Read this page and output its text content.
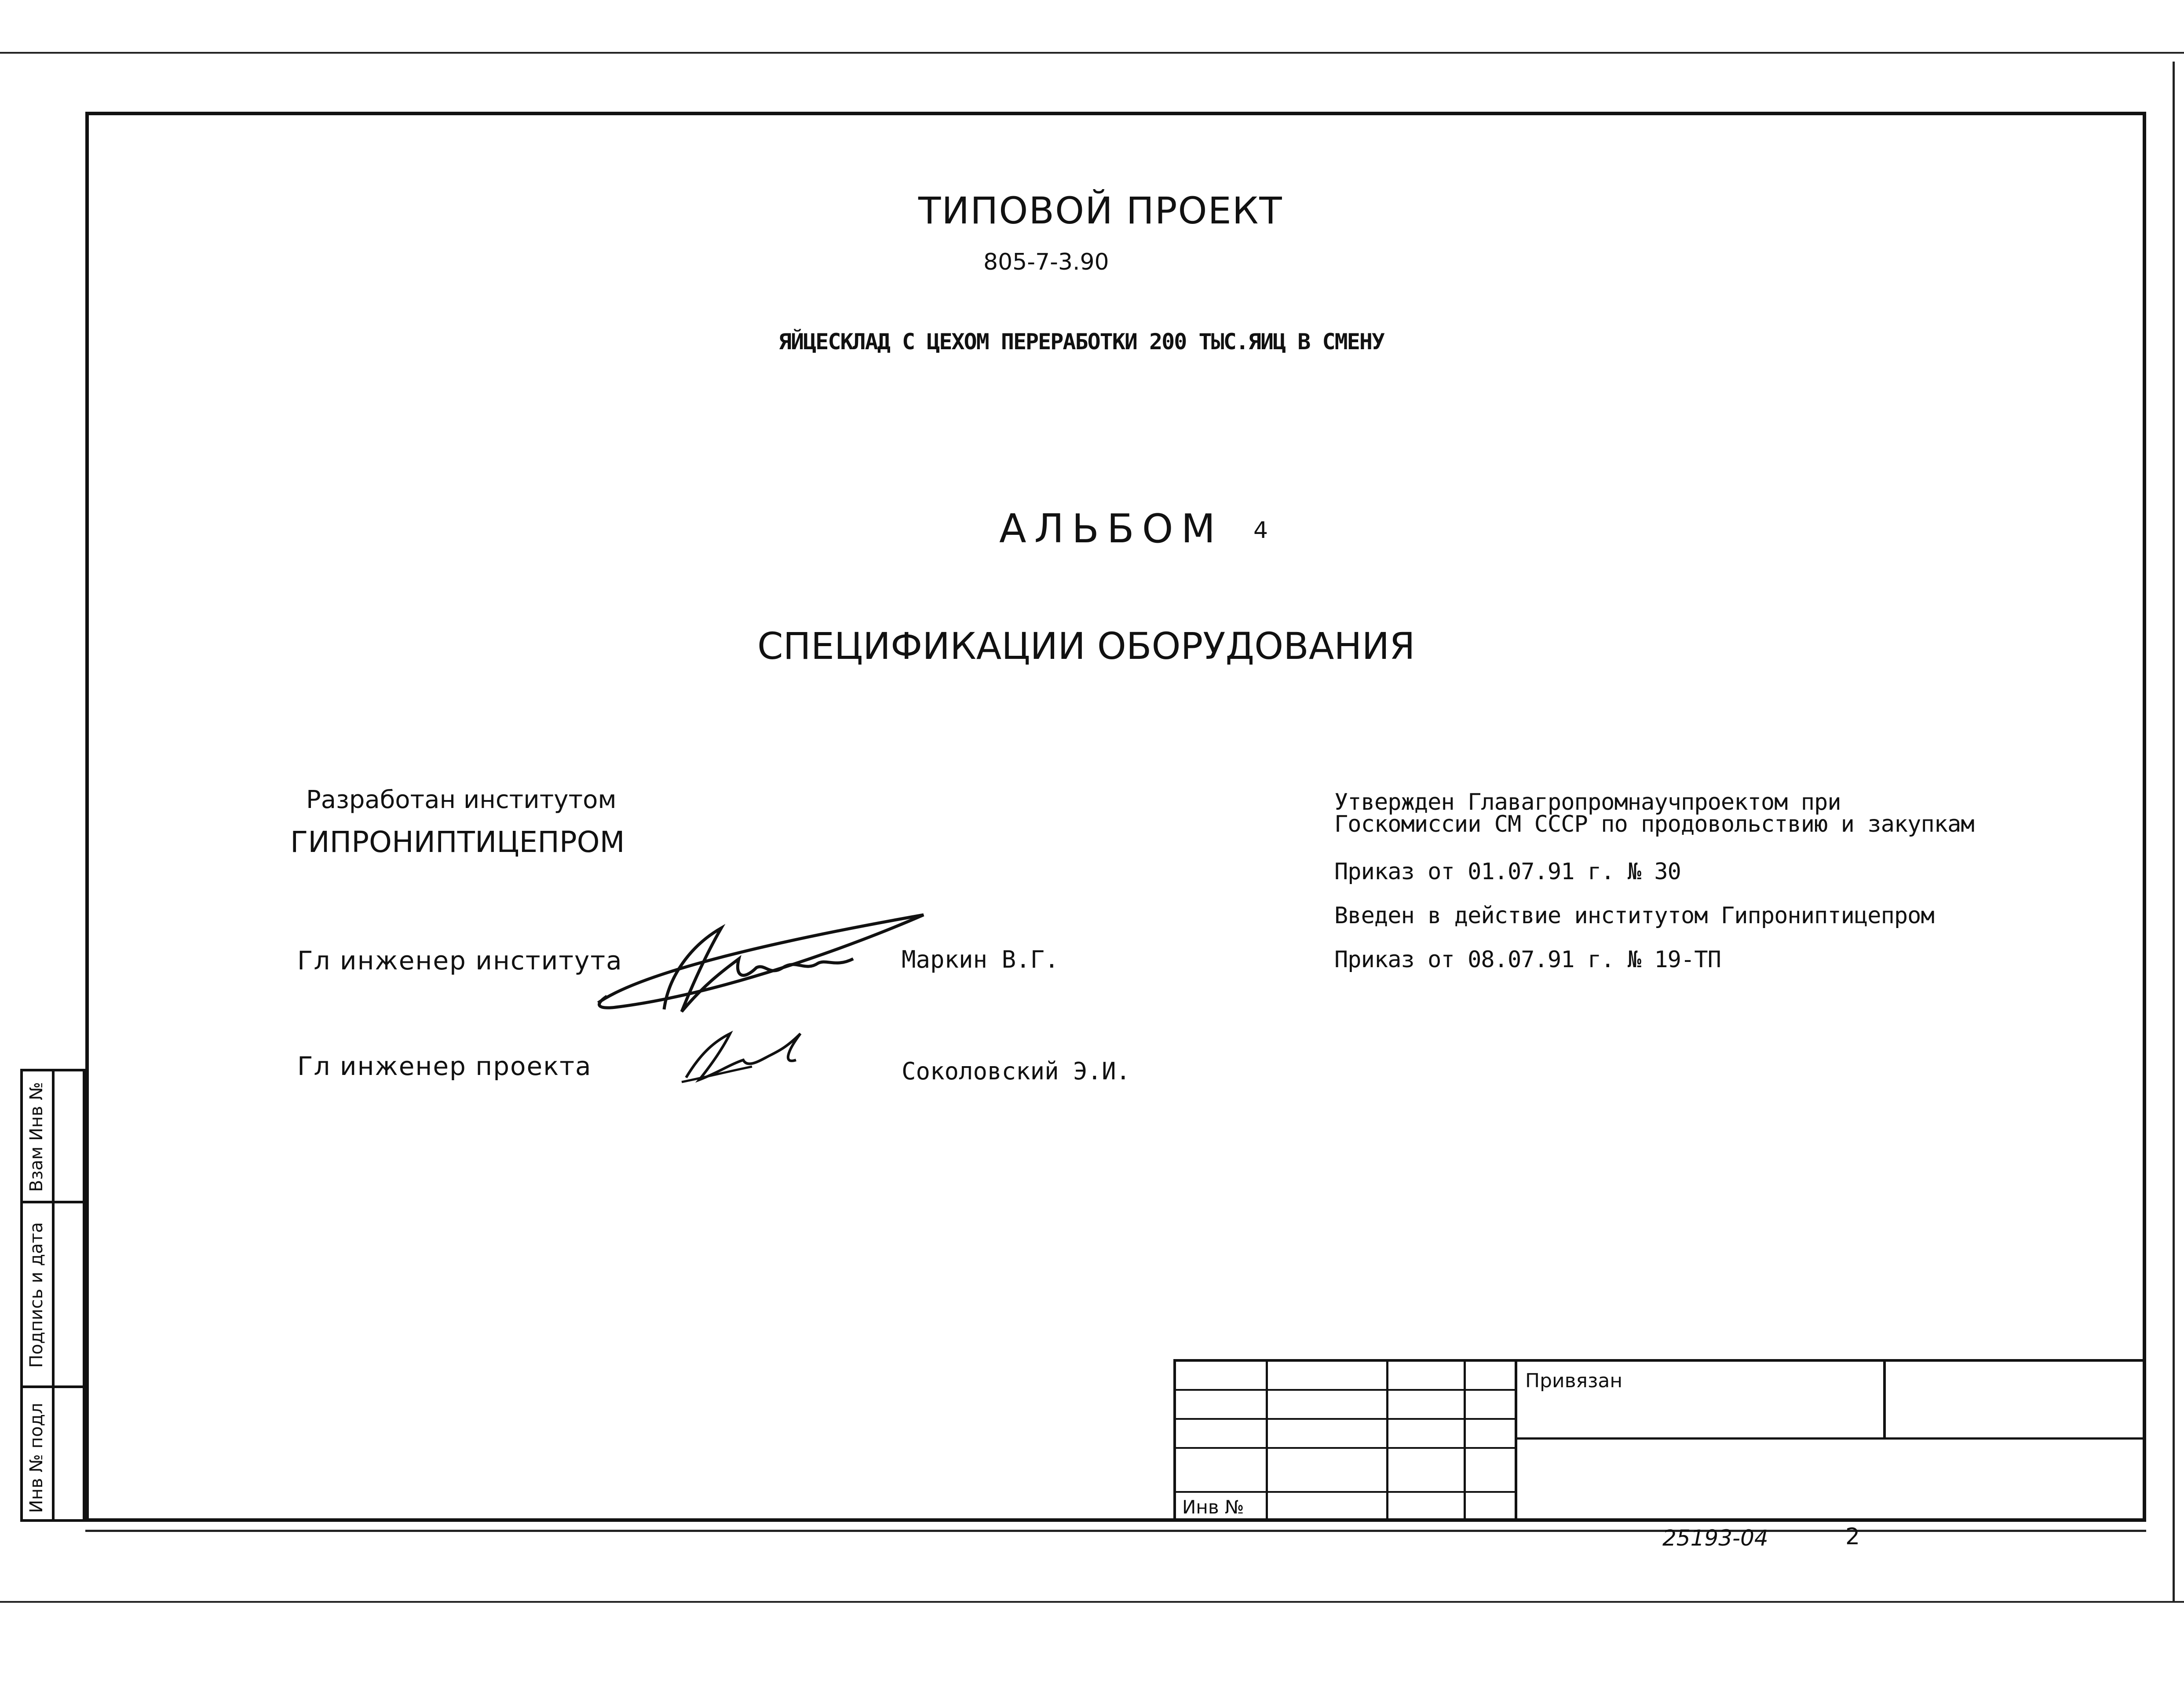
ТИПОВОЙ ПРОЕКТ
805-7-3.90
ЯЙЦЕСКЛАД С ЦЕХОМ ПЕРЕРАБОТКИ 200 ТЫС.ЯИЦ В СМЕНУ
АЛЬБОМ 4
СПЕЦИФИКАЦИИ ОБОРУДОВАНИЯ
Разработан институтом
ГИПРОНИПТИЦЕПРОМ
Гл инженер института	Маркин В.Г.
Гл инженер проекта	Соколовский Э.И.
Утвержден Главагропромнаучпроектом при
Госкомиссии СМ СССР по продовольствию и закупкам
Приказ от 01.07.91 г. № 30
Введен в действие институтом Гипрониптицепром
Приказ от 08.07.91 г. № 19-ТП
Взам Инв №
Подпись и дата
Инв № подл
Привязан
Инв №
25193-04	2
